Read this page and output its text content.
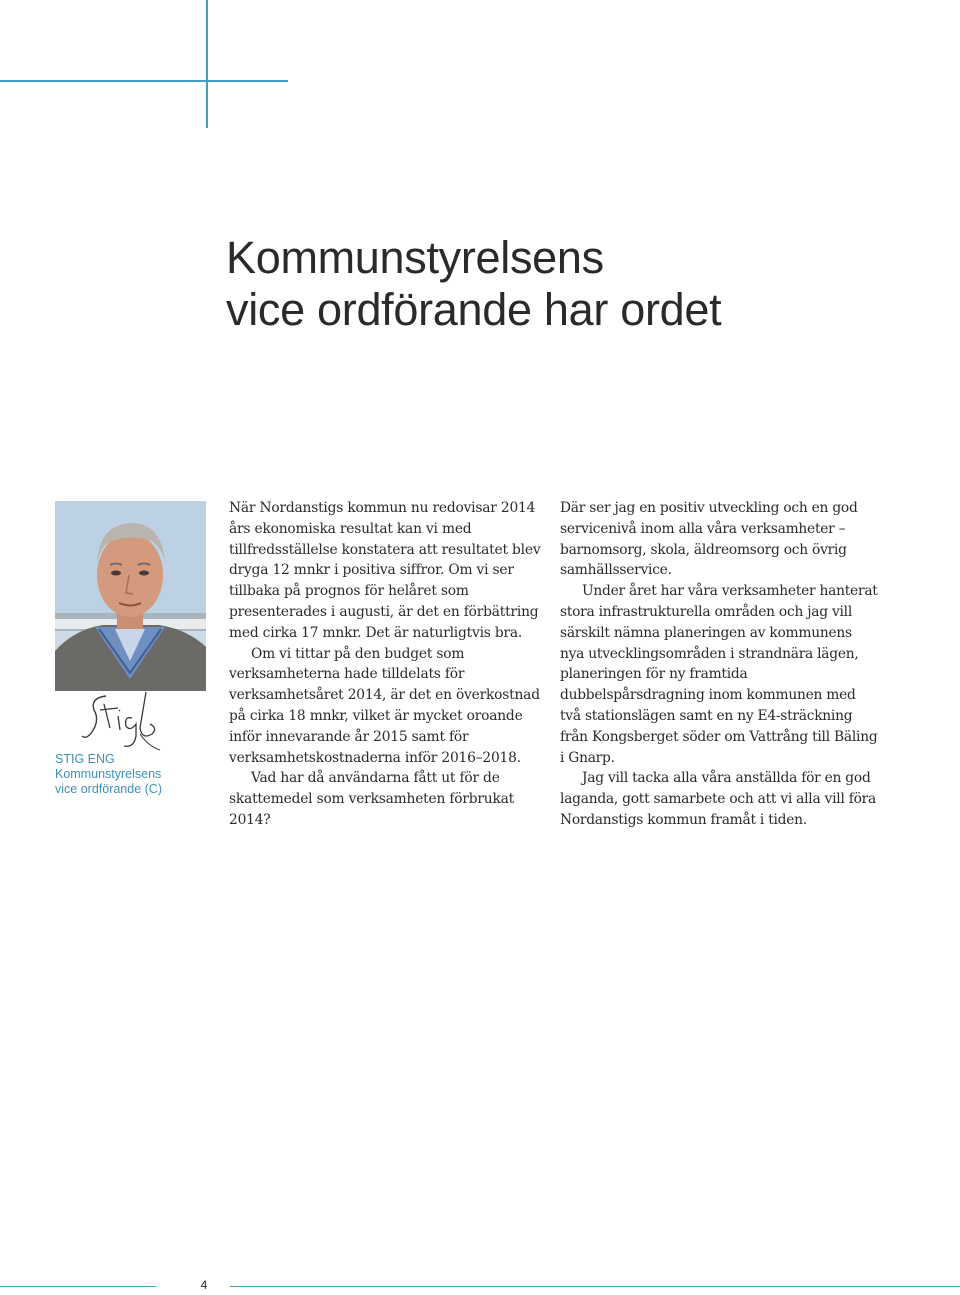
Kommunstyrelsens
vice ordförande har ordet

STIG ENG
Kommunstyrelsens
vice ordförande (C)

När Nordanstigs kommun nu redovisar 2014 års ekonomiska resultat kan vi med tillfredsställelse konstatera att resultatet blev dryga 12 mnkr i positiva siffror. Om vi ser tillbaka på prognos för helåret som presenterades i augusti, är det en förbättring med cirka 17 mnkr. Det är naturligtvis bra.

Om vi tittar på den budget som verksamheterna hade tilldelats för verksamhetsåret 2014, är det en överkostnad på cirka 18 mnkr, vilket är mycket oroande inför innevarande år 2015 samt för verksamhetskostnaderna inför 2016–2018.

Vad har då användarna fått ut för de skattemedel som verksamheten förbrukat 2014?

Där ser jag en positiv utveckling och en god servicenivå inom alla våra verksamheter – barnomsorg, skola, äldreomsorg och övrig samhällsservice.

Under året har våra verksamheter hanterat stora infrastrukturella områden och jag vill särskilt nämna planeringen av kommunens nya utvecklingsområden i strandnära lägen, planeringen för ny framtida dubbelspårsdragning inom kommunen med två stationslägen samt en ny E4-sträckning från Kongsberget söder om Vattrång till Bäling i Gnarp.

Jag vill tacka alla våra anställda för en god laganda, gott samarbete och att vi alla vill föra Nordanstigs kommun framåt i tiden.

4
